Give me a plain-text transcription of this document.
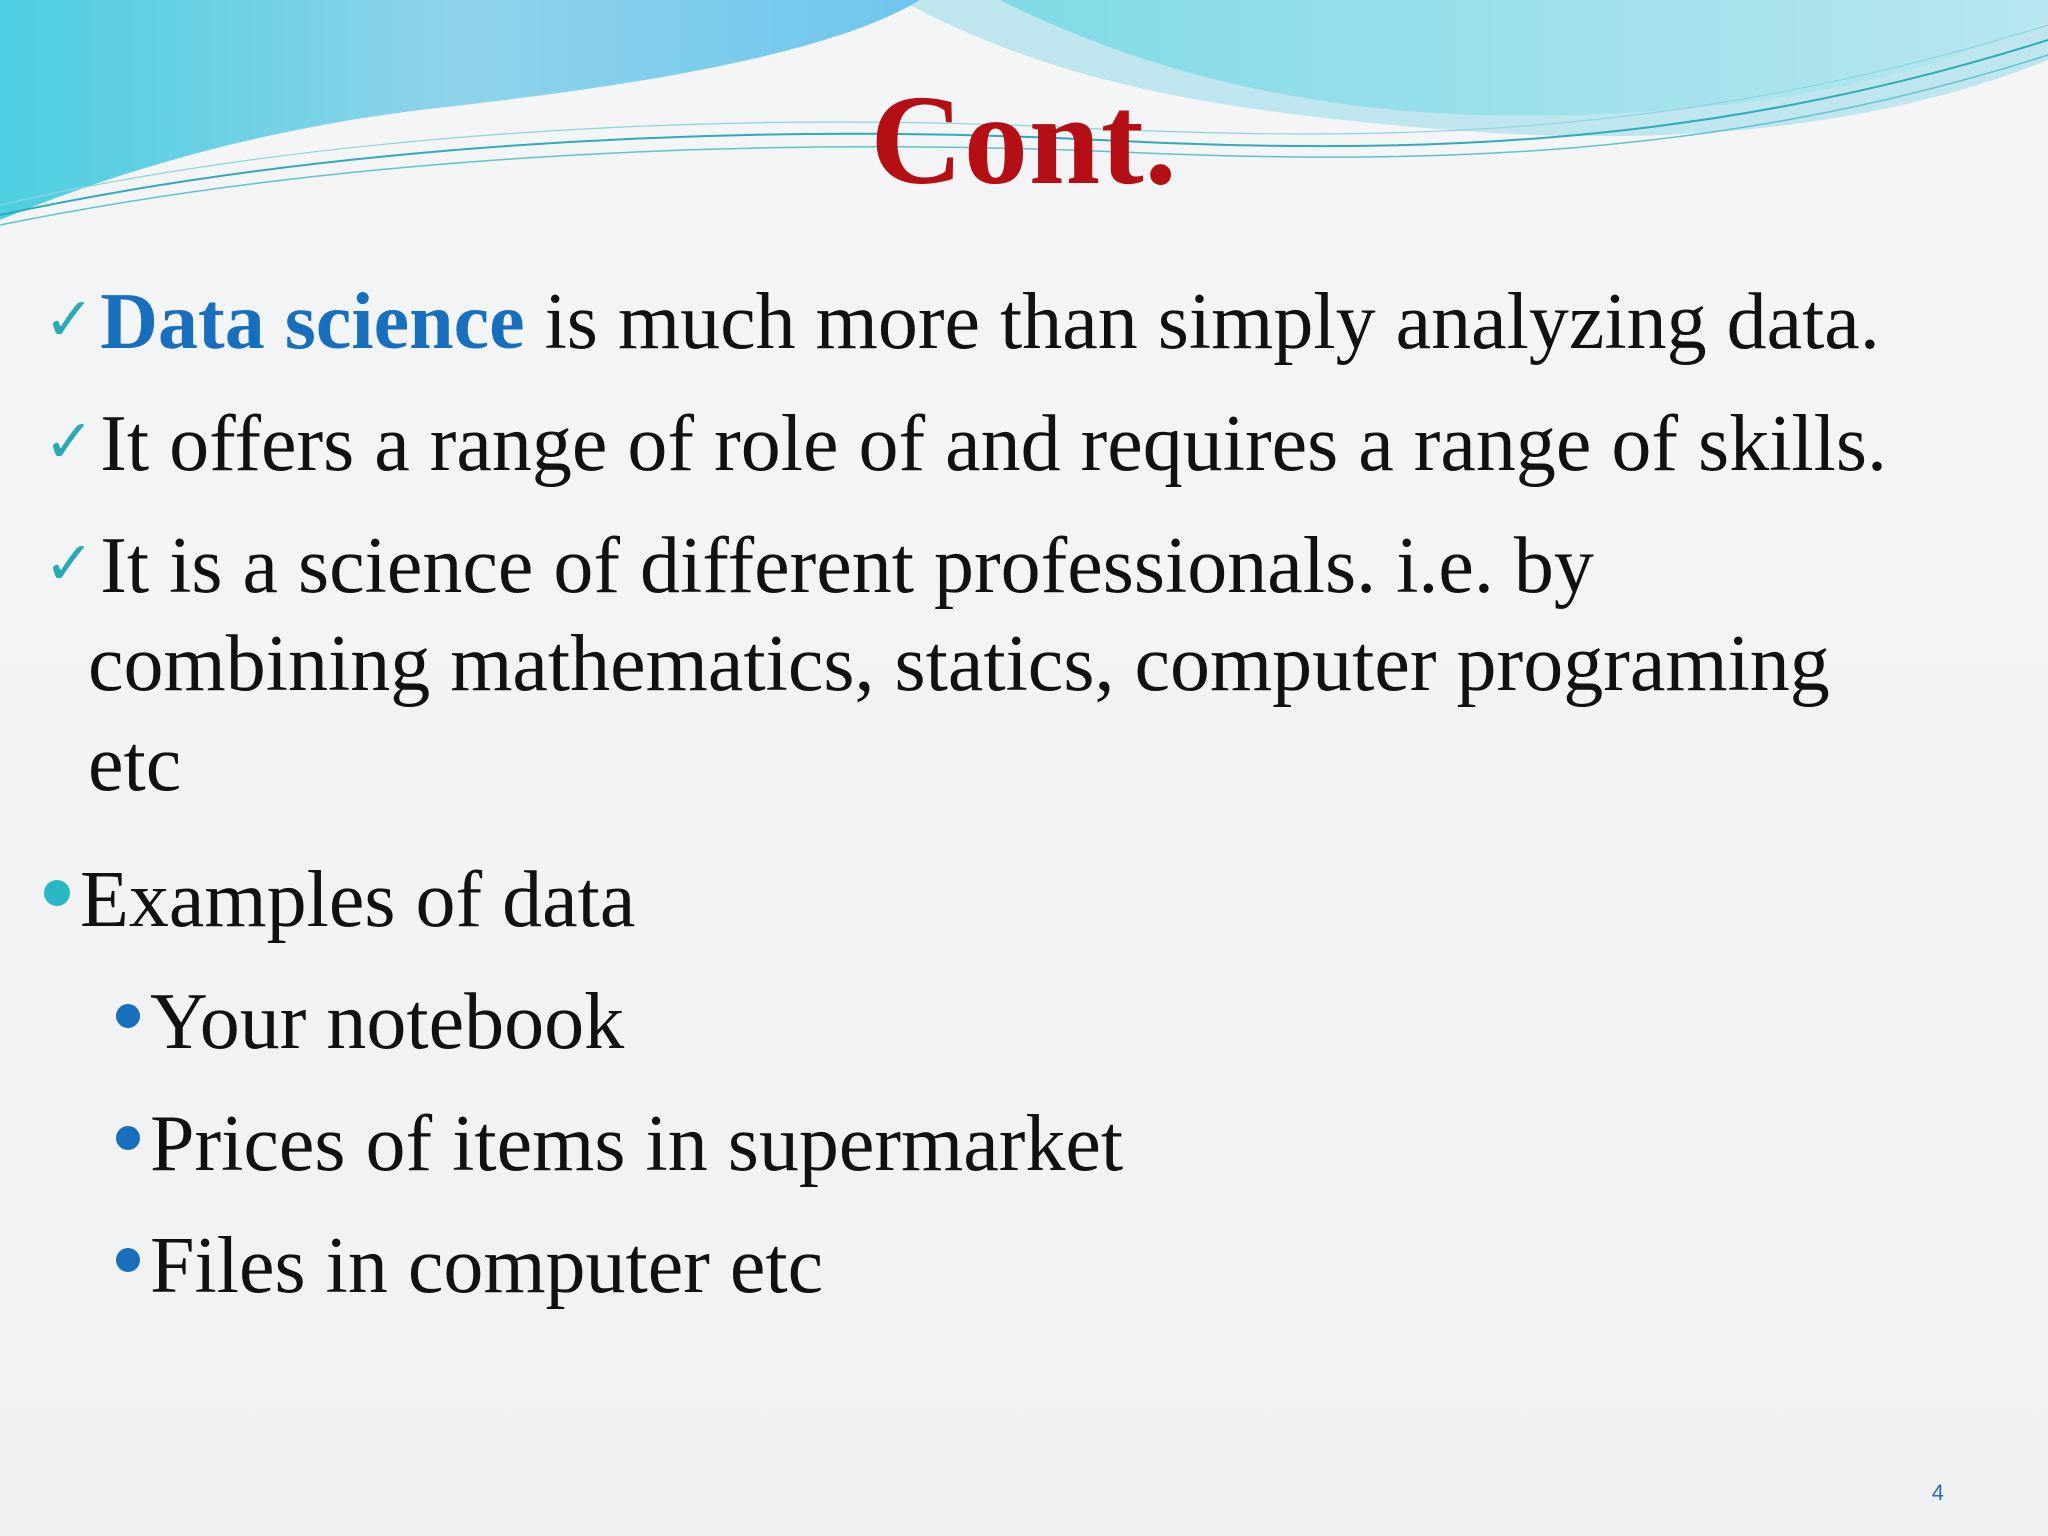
Cont.
✓Data science is much more than simply analyzing data.
✓It offers a range of role of and requires a range of skills.
✓It is a science of different professionals. i.e. by
combining mathematics, statics, computer programing
etc
Examples of data
Your notebook
Prices of items in supermarket
Files in computer etc
4
